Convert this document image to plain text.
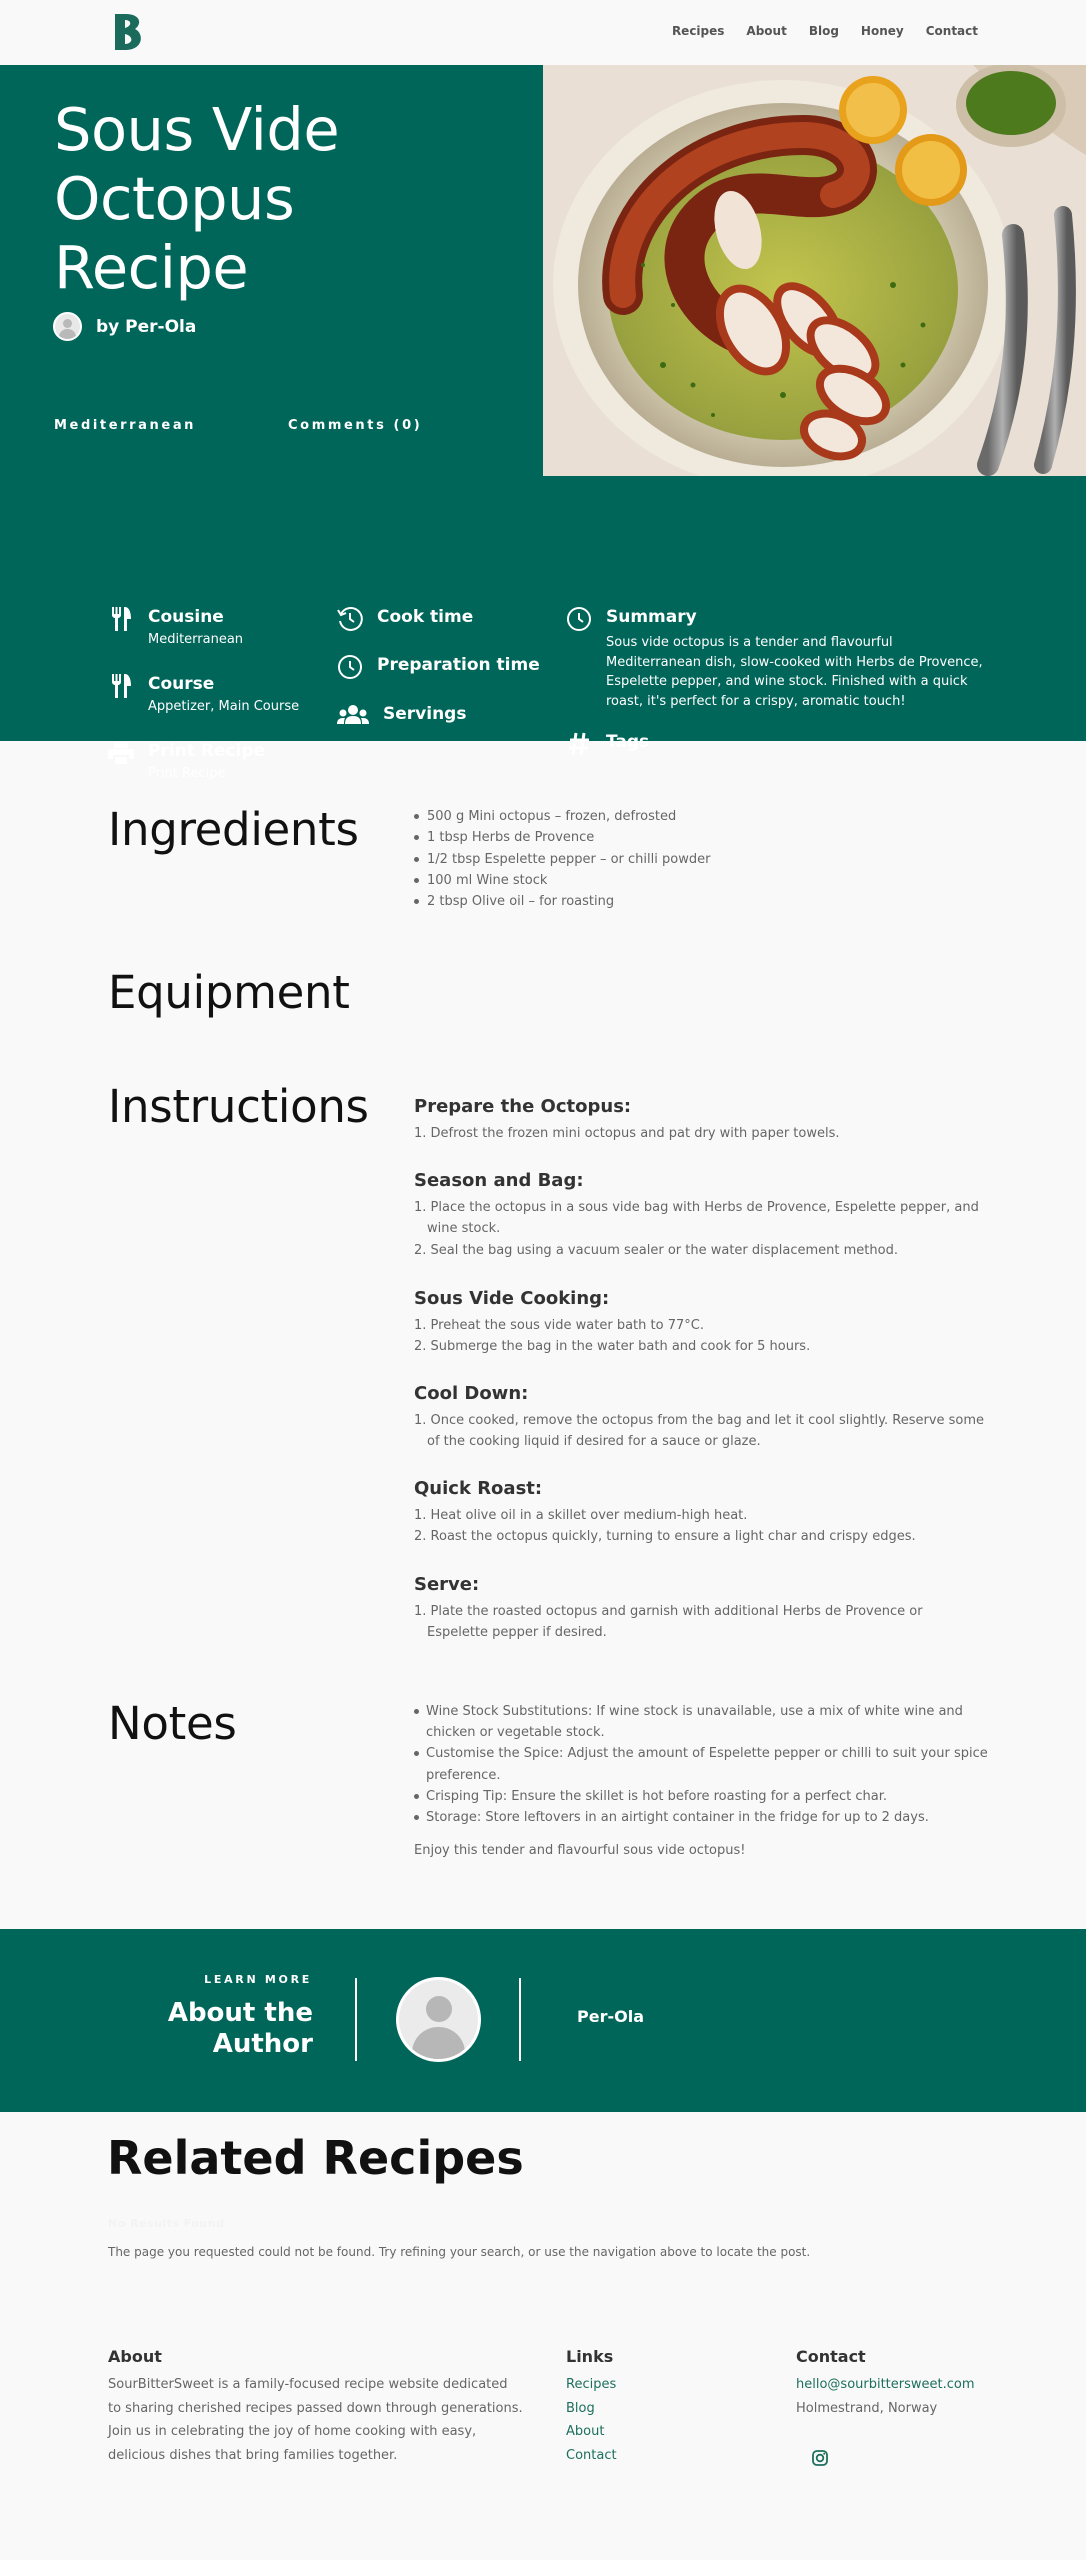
Recipes About Blog Honey Contact
Sous Vide Octopus Recipe
by Per-Ola
Mediterranean	Comments (0)
Cousine
Mediterranean
Course
Appetizer, Main Course
Print Recipe
Print Recipe
Cook time
Preparation time
Servings
Summary
Sous vide octopus is a tender and flavourful Mediterranean dish, slow-cooked with Herbs de Provence, Espelette pepper, and wine stock. Finished with a quick roast, it's perfect for a crispy, aromatic touch!
Tags
Ingredients	500 g Mini octopus – frozen, defrosted
1 tbsp Herbs de Provence
1/2 tbsp Espelette pepper – or chilli powder
100 ml Wine stock
2 tbsp Olive oil – for roasting
Equipment
Instructions	Prepare the Octopus:
1. Defrost the frozen mini octopus and pat dry with paper towels.
Season and Bag:
1. Place the octopus in a sous vide bag with Herbs de Provence, Espelette pepper, and wine stock.
2. Seal the bag using a vacuum sealer or the water displacement method.
Sous Vide Cooking:
1. Preheat the sous vide water bath to 77°C.
2. Submerge the bag in the water bath and cook for 5 hours.
Cool Down:
1. Once cooked, remove the octopus from the bag and let it cool slightly. Reserve some of the cooking liquid if desired for a sauce or glaze.
Quick Roast:
1. Heat olive oil in a skillet over medium-high heat.
2. Roast the octopus quickly, turning to ensure a light char and crispy edges.
Serve:
1. Plate the roasted octopus and garnish with additional Herbs de Provence or Espelette pepper if desired.
Notes	Wine Stock Substitutions: If wine stock is unavailable, use a mix of white wine and chicken or vegetable stock.
Customise the Spice: Adjust the amount of Espelette pepper or chilli to suit your spice preference.
Crisping Tip: Ensure the skillet is hot before roasting for a perfect char.
Storage: Store leftovers in an airtight container in the fridge for up to 2 days.
Enjoy this tender and flavourful sous vide octopus!
LEARN MORE
About the Author
Per-Ola
Related Recipes
No Results Found
The page you requested could not be found. Try refining your search, or use the navigation above to locate the post.
About

SourBitterSweet is a family-focused recipe website dedicated to sharing cherished recipes passed down through generations. Join us in celebrating the joy of home cooking with easy, delicious dishes that bring families together.

Links
Recipes
Blog
About
Contact
Contact
hello@sourbittersweet.com
Holmestrand, Norway
